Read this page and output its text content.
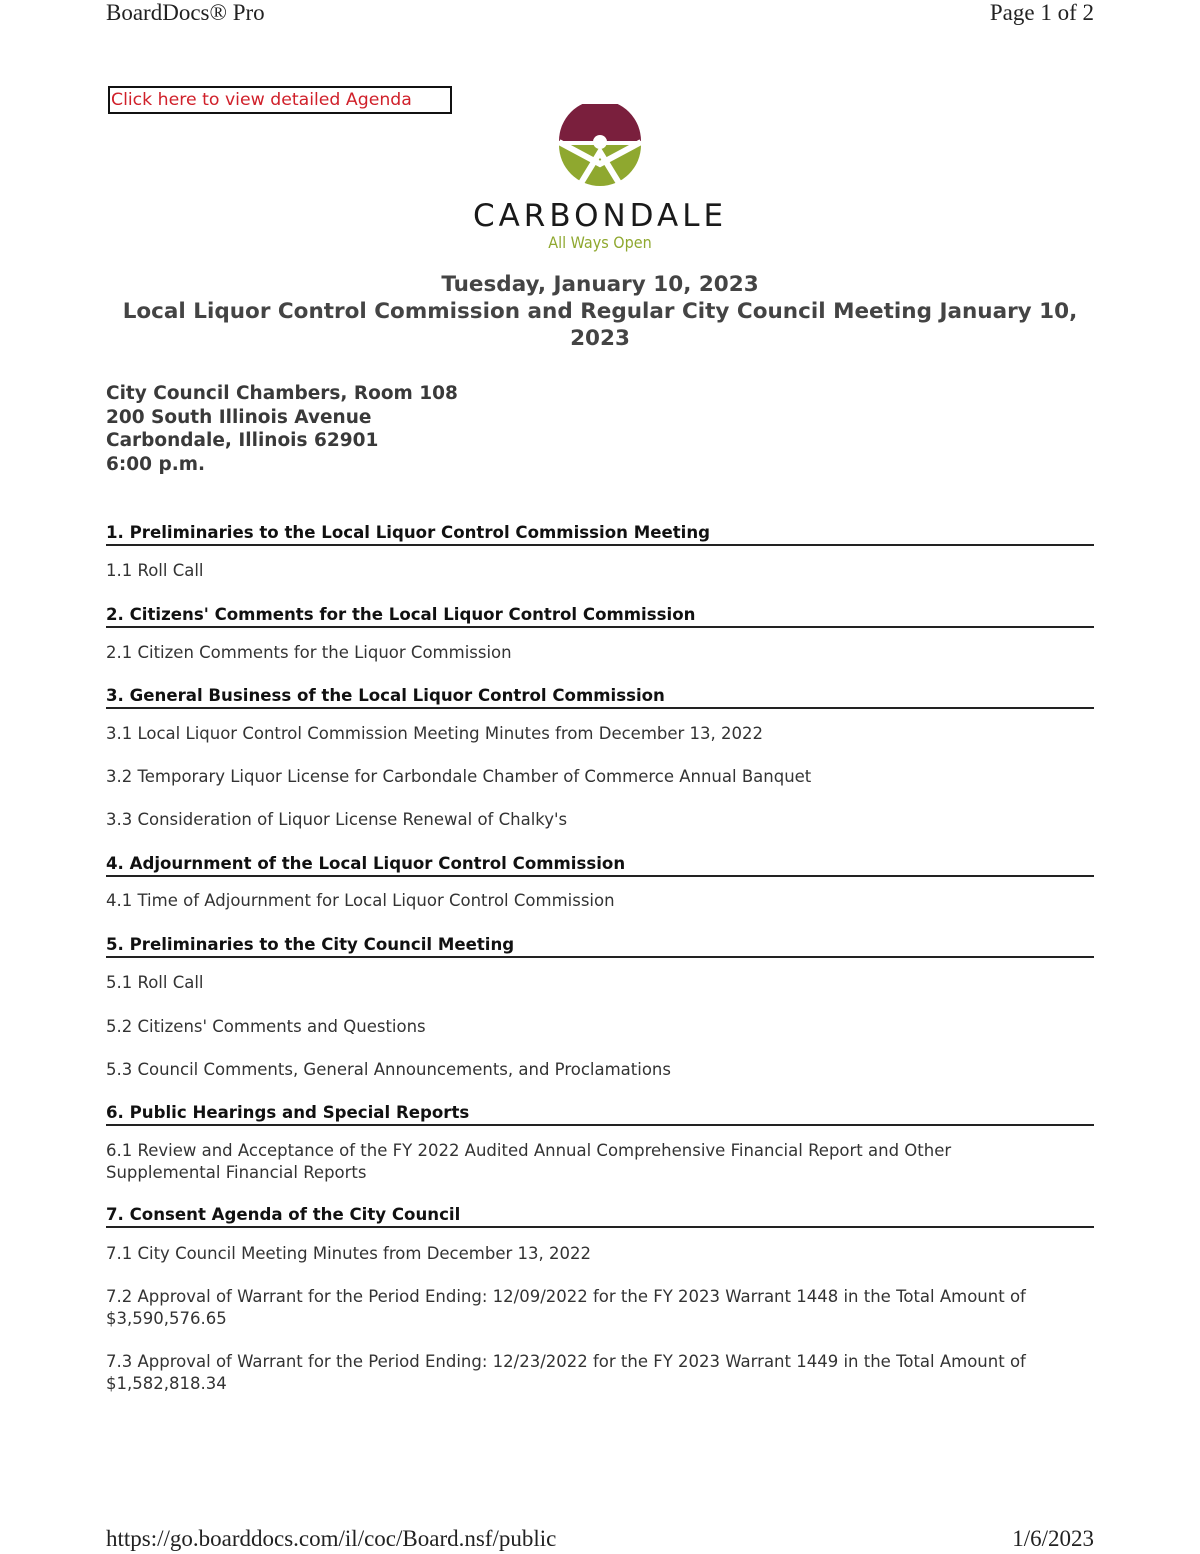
BoardDocs® Pro	Page 1 of 2
Click here to view detailed Agenda
CARBONDALE
All Ways Open
Tuesday, January 10, 2023
Local Liquor Control Commission and Regular City Council Meeting January 10,
2023
City Council Chambers, Room 108
200 South Illinois Avenue
Carbondale, Illinois 62901
6:00 p.m.
1. Preliminaries to the Local Liquor Control Commission Meeting
1.1 Roll Call
2. Citizens' Comments for the Local Liquor Control Commission
2.1 Citizen Comments for the Liquor Commission
3. General Business of the Local Liquor Control Commission
3.1 Local Liquor Control Commission Meeting Minutes from December 13, 2022
3.2 Temporary Liquor License for Carbondale Chamber of Commerce Annual Banquet
3.3 Consideration of Liquor License Renewal of Chalky's
4. Adjournment of the Local Liquor Control Commission
4.1 Time of Adjournment for Local Liquor Control Commission
5. Preliminaries to the City Council Meeting
5.1 Roll Call
5.2 Citizens' Comments and Questions
5.3 Council Comments, General Announcements, and Proclamations
6. Public Hearings and Special Reports
6.1 Review and Acceptance of the FY 2022 Audited Annual Comprehensive Financial Report and Other Supplemental Financial Reports
7. Consent Agenda of the City Council
7.1 City Council Meeting Minutes from December 13, 2022
7.2 Approval of Warrant for the Period Ending: 12/09/2022 for the FY 2023 Warrant 1448 in the Total Amount of $3,590,576.65
7.3 Approval of Warrant for the Period Ending: 12/23/2022 for the FY 2023 Warrant 1449 in the Total Amount of $1,582,818.34
https://go.boarddocs.com/il/coc/Board.nsf/public	1/6/2023
